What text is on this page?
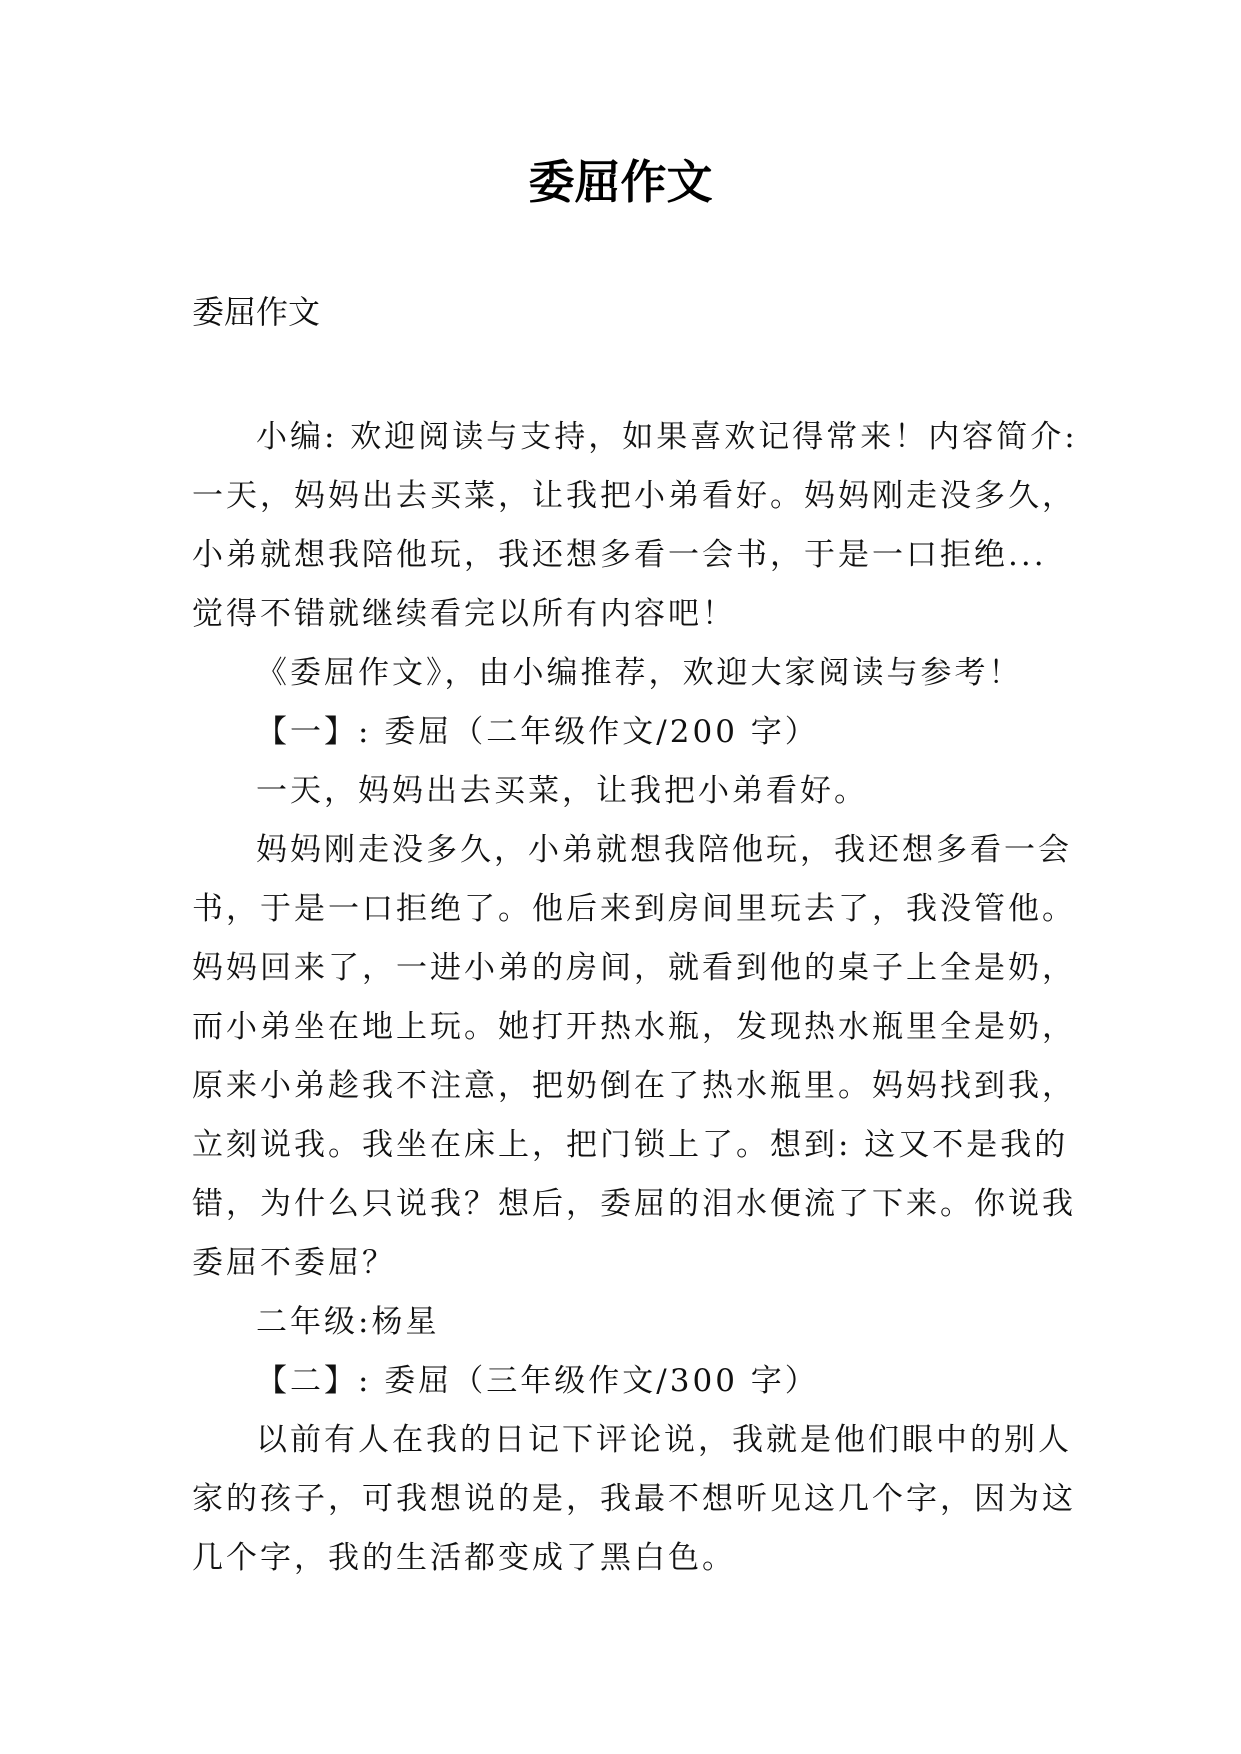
委屈作文
委屈作文

小编: 欢迎阅读与支持，如果喜欢记得常来！内容简介: 一天，妈妈出去买菜，让我把小弟看好。妈妈刚走没多久，小弟就想我陪他玩，我还想多看一会书，于是一口拒绝... 觉得不错就继续看完以所有内容吧！

《委屈作文》，由小编推荐，欢迎大家阅读与参考！

【一】: 委屈（二年级作文/200 字）

一天，妈妈出去买菜，让我把小弟看好。

妈妈刚走没多久，小弟就想我陪他玩，我还想多看一会书，于是一口拒绝了。他后来到房间里玩去了，我没管他。妈妈回来了，一进小弟的房间，就看到他的桌子上全是奶，而小弟坐在地上玩。她打开热水瓶，发现热水瓶里全是奶，原来小弟趁我不注意，把奶倒在了热水瓶里。妈妈找到我，立刻说我。我坐在床上，把门锁上了。想到: 这又不是我的错，为什么只说我？想后，委屈的泪水便流了下来。你说我委屈不委屈？

二年级:杨星

【二】: 委屈（三年级作文/300 字）

以前有人在我的日记下评论说，我就是他们眼中的别人家的孩子，可我想说的是，我最不想听见这几个字，因为这几个字，我的生活都变成了黑白色。
